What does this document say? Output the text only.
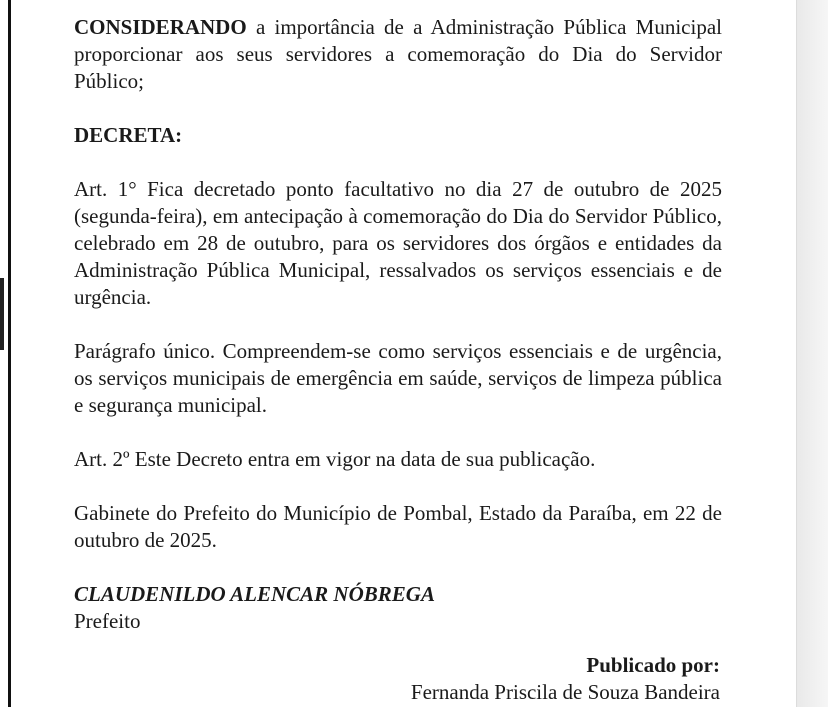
CONSIDERANDO a importância de a Administração Pública Municipal proporcionar aos seus servidores a comemoração do Dia do Servidor Público;

DECRETA:

Art. 1° Fica decretado ponto facultativo no dia 27 de outubro de 2025 (segunda-feira), em antecipação à comemoração do Dia do Servidor Público, celebrado em 28 de outubro, para os servidores dos órgãos e entidades da Administração Pública Municipal, ressalvados os serviços essenciais e de urgência.

Parágrafo único. Compreendem-se como serviços essenciais e de urgência, os serviços municipais de emergência em saúde, serviços de limpeza pública e segurança municipal.

Art. 2º Este Decreto entra em vigor na data de sua publicação.

Gabinete do Prefeito do Município de Pombal, Estado da Paraíba, em 22 de outubro de 2025.

CLAUDENILDO ALENCAR NÓBREGA

Prefeito

Publicado por:
Fernanda Priscila de Souza Bandeira
